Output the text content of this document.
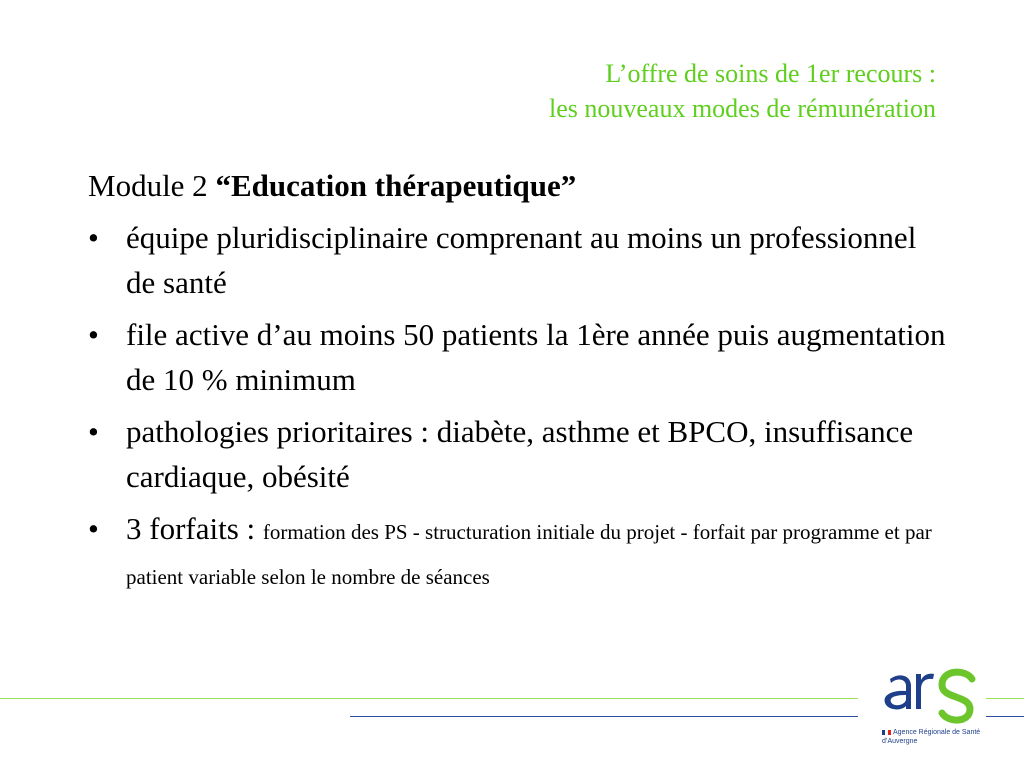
L’offre de soins de 1er recours :
les nouveaux modes de rémunération
Module 2 “Education thérapeutique”
• équipe pluridisciplinaire comprenant au moins un professionnel de santé
• file active d’au moins 50 patients la 1ère année puis augmentation de 10 % minimum
• pathologies prioritaires : diabète, asthme et BPCO, insuffisance cardiaque, obésité
• 3 forfaits : formation des PS - structuration initiale du projet - forfait par programme et par patient variable selon le nombre de séances
Agence Régionale de Santé
d’Auvergne
